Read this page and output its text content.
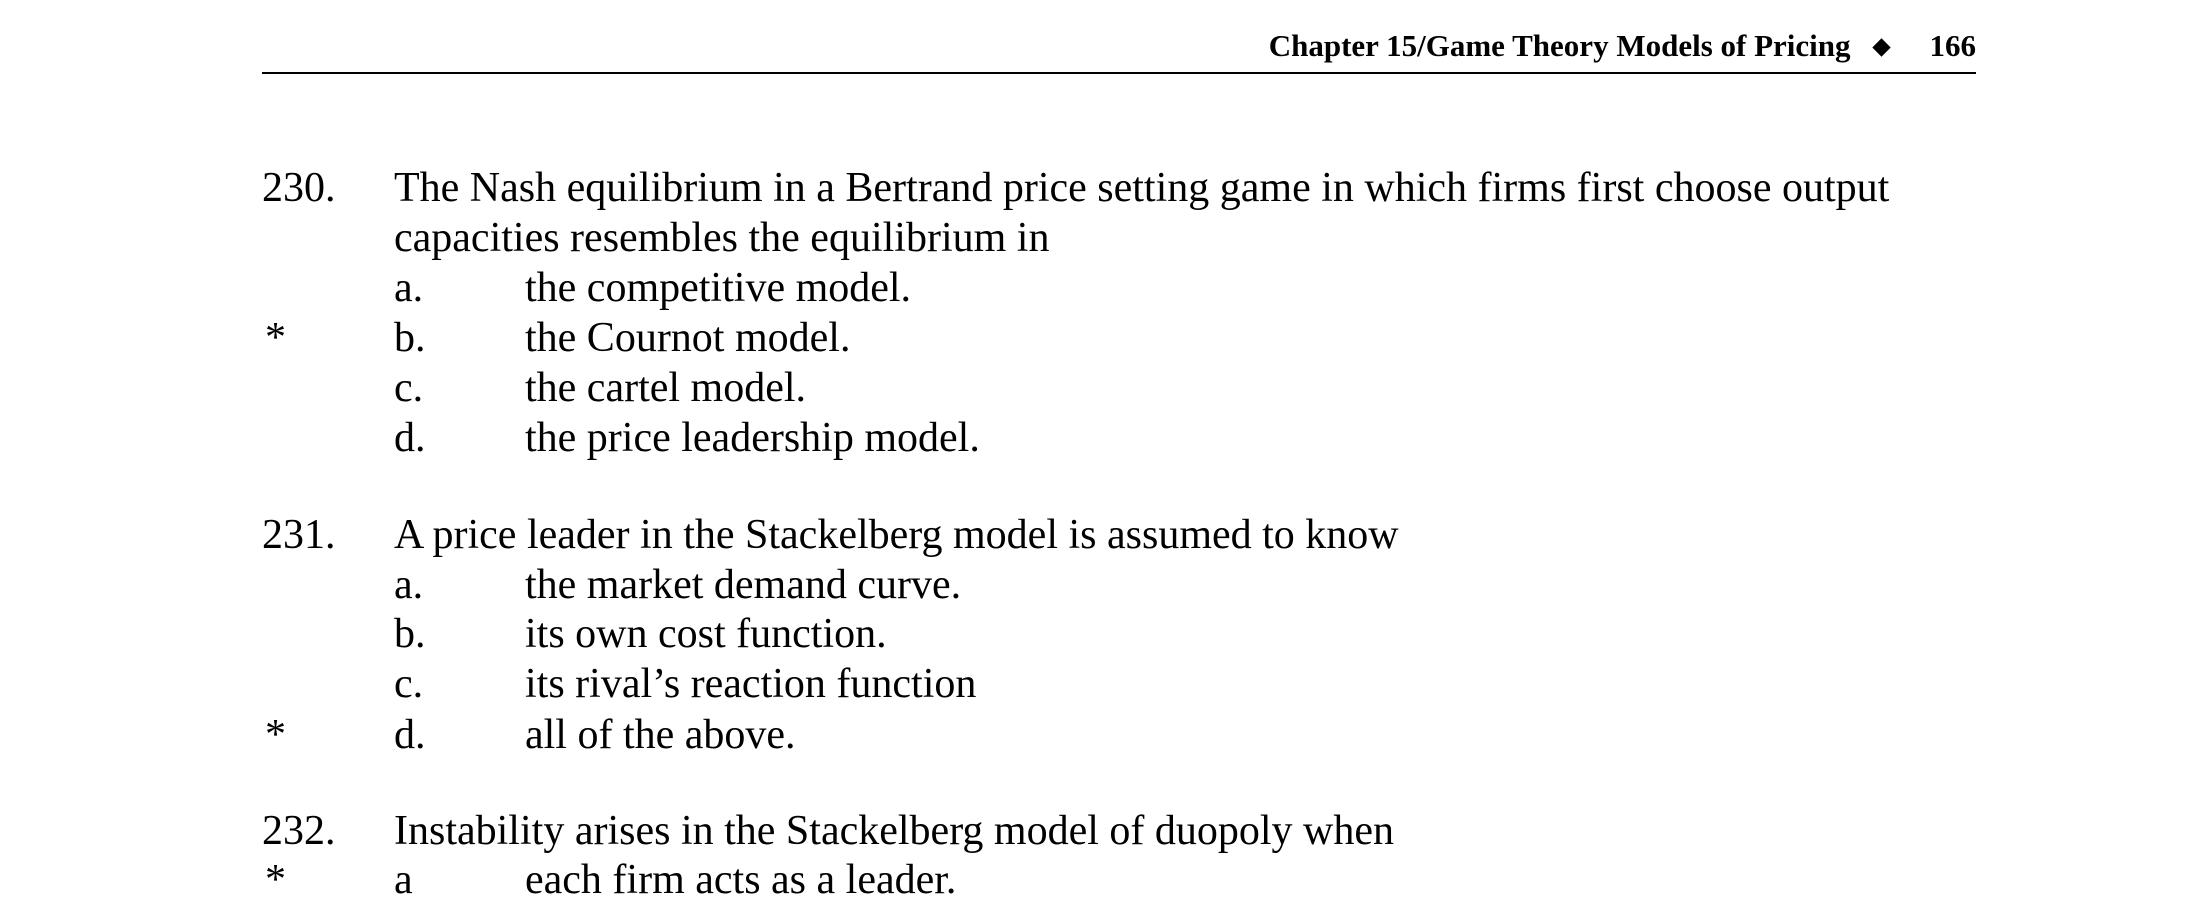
Chapter 15/Game Theory Models of Pricing	166
230. The Nash equilibrium in a Bertrand price setting game in which firms first choose output
capacities resembles the equilibrium in
a. the competitive model.
*	b. the Cournot model.
c. the cartel model.
d. the price leadership model.
231. A price leader in the Stackelberg model is assumed to know
a. the market demand curve.
b. its own cost function.
c. its rival’s reaction function
*	d. all of the above.
232. Instability arises in the Stackelberg model of duopoly when
*	a	each firm acts as a leader.
